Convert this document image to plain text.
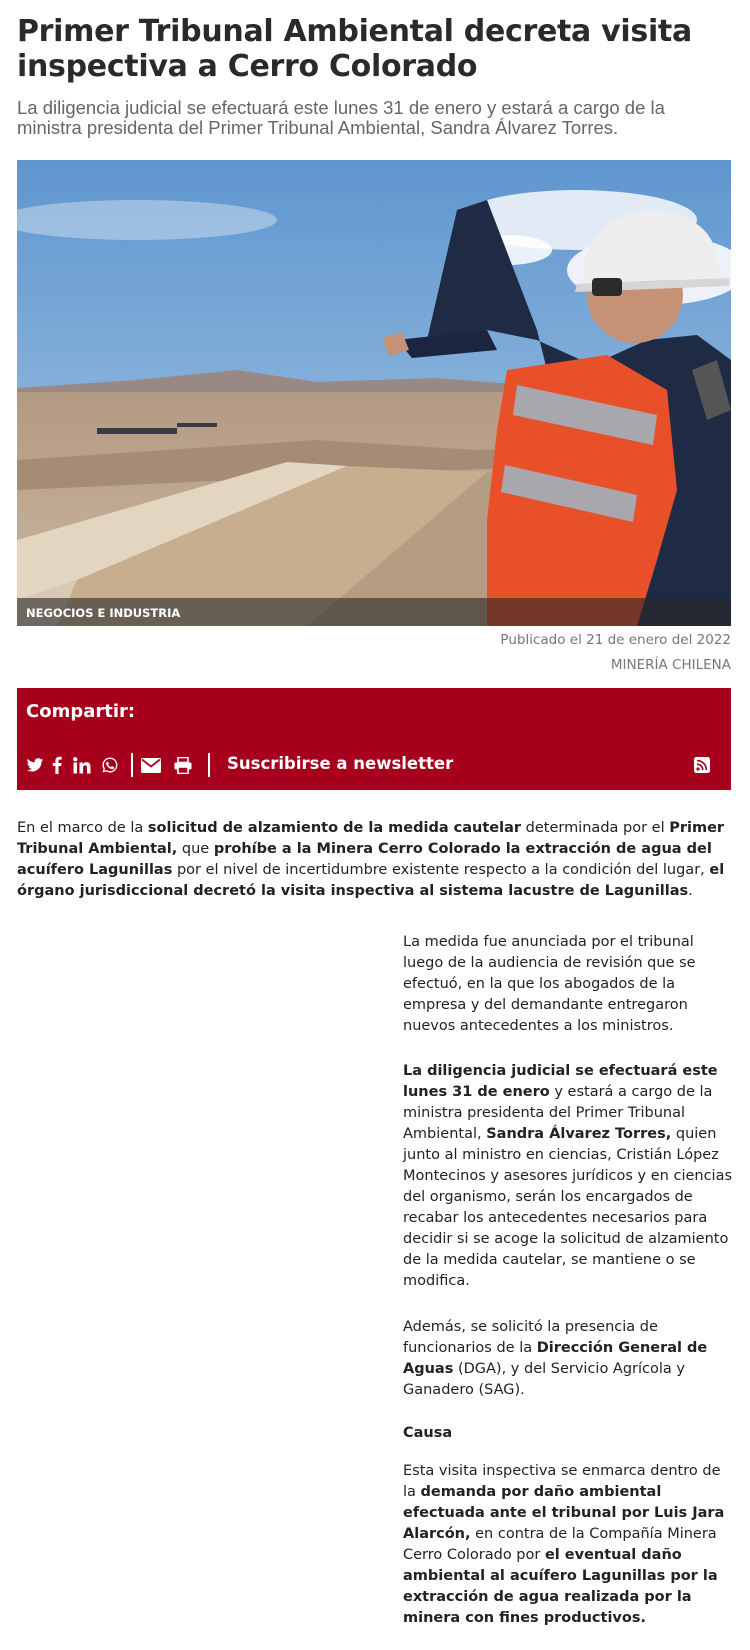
Primer Tribunal Ambiental decreta visita inspectiva a Cerro Colorado

La diligencia judicial se efectuará este lunes 31 de enero y estará a cargo de la ministra presidenta del Primer Tribunal Ambiental, Sandra Álvarez Torres.

NEGOCIOS E INDUSTRIA
Publicado el 21 de enero del 2022
MINERÍA CHILENA
Compartir:
Suscribirse a newsletter

En el marco de la solicitud de alzamiento de la medida cautelar determinada por el Primer Tribunal Ambiental, que prohíbe a la Minera Cerro Colorado la extracción de agua del acuífero Lagunillas por el nivel de incertidumbre existente respecto a la condición del lugar, el órgano jurisdiccional decretó la visita inspectiva al sistema lacustre de Lagunillas.

La medida fue anunciada por el tribunal luego de la audiencia de revisión que se efectuó, en la que los abogados de la empresa y del demandante entregaron nuevos antecedentes a los ministros.

La diligencia judicial se efectuará este lunes 31 de enero y estará a cargo de la ministra presidenta del Primer Tribunal Ambiental, Sandra Álvarez Torres, quien junto al ministro en ciencias, Cristián López Montecinos y asesores jurídicos y en ciencias del organismo, serán los encargados de recabar los antecedentes necesarios para decidir si se acoge la solicitud de alzamiento de la medida cautelar, se mantiene o se modifica.

Además, se solicitó la presencia de funcionarios de la Dirección General de Aguas (DGA), y del Servicio Agrícola y Ganadero (SAG).

Causa

Esta visita inspectiva se enmarca dentro de la demanda por daño ambiental efectuada ante el tribunal por Luis Jara Alarcón, en contra de la Compañía Minera Cerro Colorado por el eventual daño ambiental al acuífero Lagunillas por la extracción de agua realizada por la minera con fines productivos.
